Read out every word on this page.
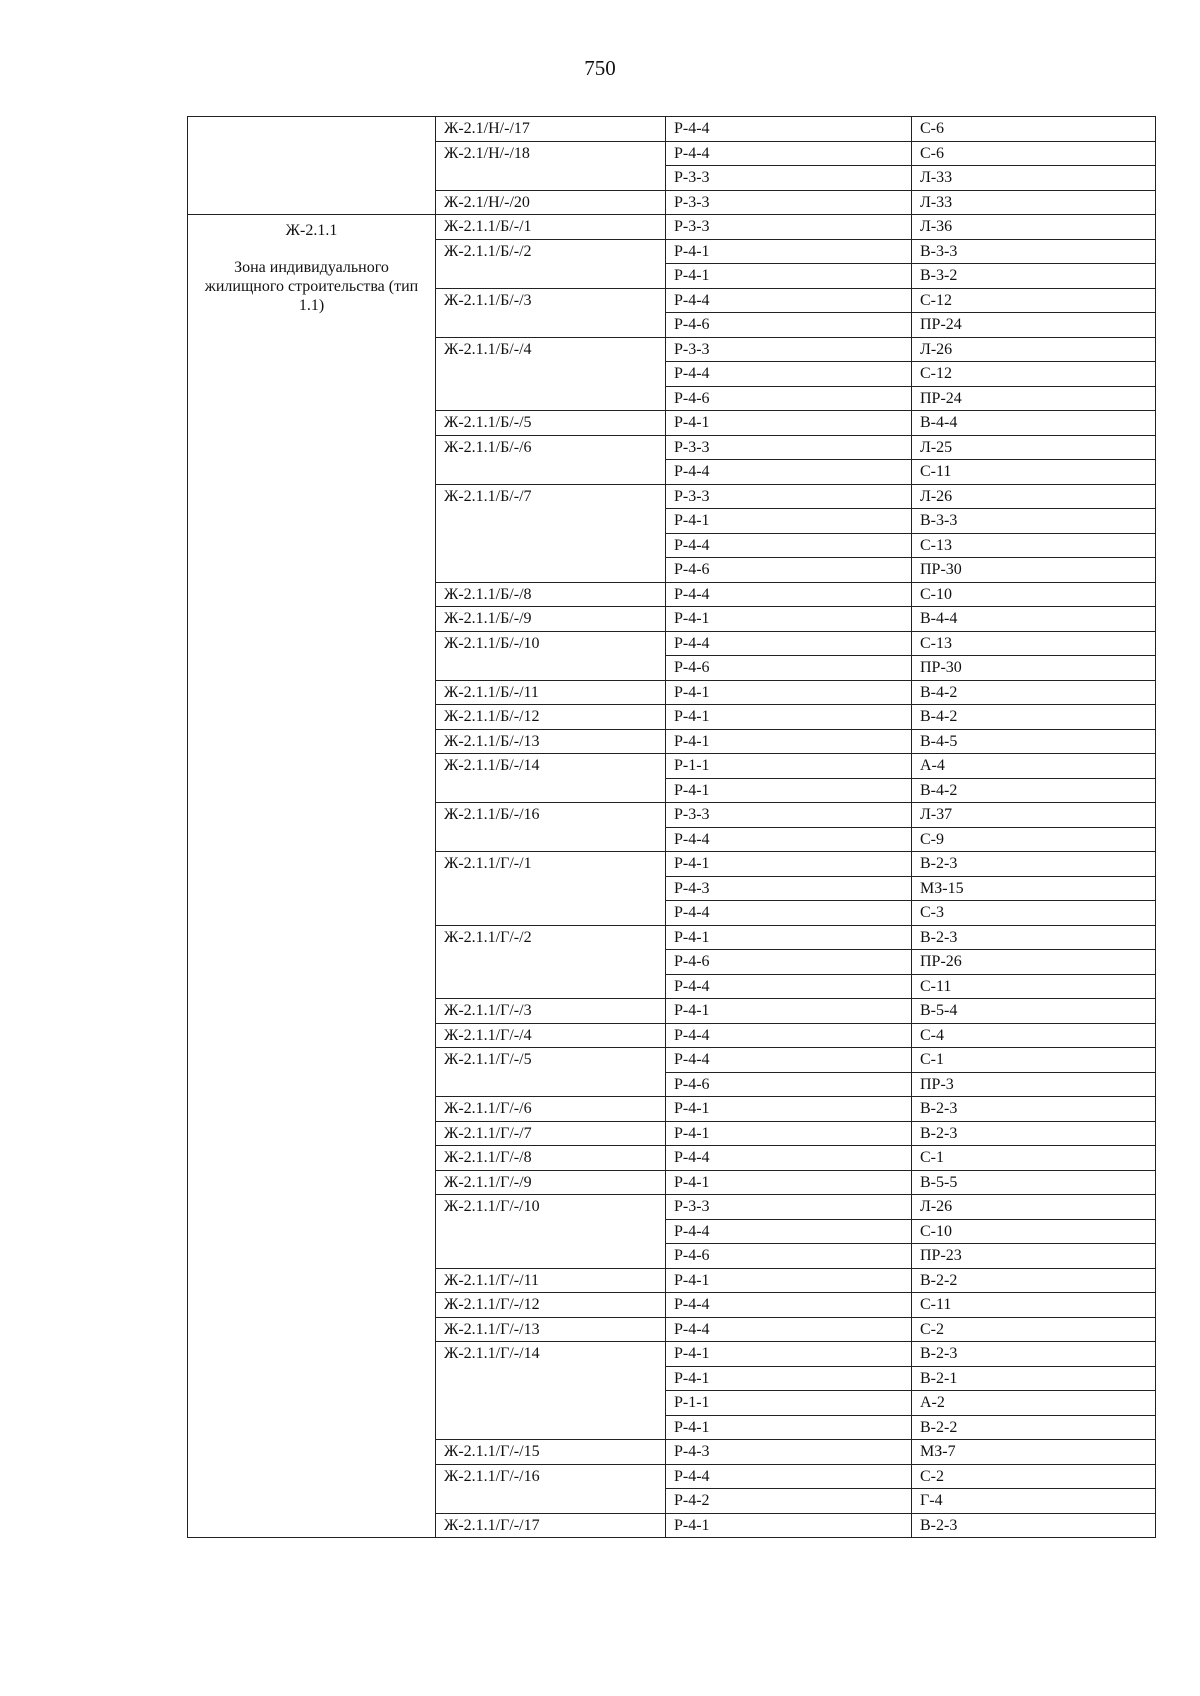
750
	Ж-2.1/Н/-/17	Р-4-4	С-6
	Ж-2.1/Н/-/18	Р-4-4	С-6
		Р-3-3	Л-33
	Ж-2.1/Н/-/20	Р-3-3	Л-33

Ж-2.1.1
Зона индивидуального жилищного строительства (тип 1.1)	Ж-2.1.1/Б/-/1	Р-3-3	Л-36
	Ж-2.1.1/Б/-/2	Р-4-1	В-3-3
		Р-4-1	В-3-2
	Ж-2.1.1/Б/-/3	Р-4-4	С-12
		Р-4-6	ПР-24
	Ж-2.1.1/Б/-/4	Р-3-3	Л-26
		Р-4-4	С-12
		Р-4-6	ПР-24
	Ж-2.1.1/Б/-/5	Р-4-1	В-4-4
	Ж-2.1.1/Б/-/6	Р-3-3	Л-25
		Р-4-4	С-11
	Ж-2.1.1/Б/-/7	Р-3-3	Л-26
		Р-4-1	В-3-3
		Р-4-4	С-13
		Р-4-6	ПР-30
	Ж-2.1.1/Б/-/8	Р-4-4	С-10
	Ж-2.1.1/Б/-/9	Р-4-1	В-4-4
	Ж-2.1.1/Б/-/10	Р-4-4	С-13
		Р-4-6	ПР-30
	Ж-2.1.1/Б/-/11	Р-4-1	В-4-2
	Ж-2.1.1/Б/-/12	Р-4-1	В-4-2
	Ж-2.1.1/Б/-/13	Р-4-1	В-4-5
	Ж-2.1.1/Б/-/14	Р-1-1	А-4
		Р-4-1	В-4-2
	Ж-2.1.1/Б/-/16	Р-3-3	Л-37
		Р-4-4	С-9
	Ж-2.1.1/Г/-/1	Р-4-1	В-2-3
		Р-4-3	МЗ-15
		Р-4-4	С-3
	Ж-2.1.1/Г/-/2	Р-4-1	В-2-3
		Р-4-6	ПР-26
		Р-4-4	С-11
	Ж-2.1.1/Г/-/3	Р-4-1	В-5-4
	Ж-2.1.1/Г/-/4	Р-4-4	С-4
	Ж-2.1.1/Г/-/5	Р-4-4	С-1
		Р-4-6	ПР-3
	Ж-2.1.1/Г/-/6	Р-4-1	В-2-3
	Ж-2.1.1/Г/-/7	Р-4-1	В-2-3
	Ж-2.1.1/Г/-/8	Р-4-4	С-1
	Ж-2.1.1/Г/-/9	Р-4-1	В-5-5
	Ж-2.1.1/Г/-/10	Р-3-3	Л-26
		Р-4-4	С-10
		Р-4-6	ПР-23
	Ж-2.1.1/Г/-/11	Р-4-1	В-2-2
	Ж-2.1.1/Г/-/12	Р-4-4	С-11
	Ж-2.1.1/Г/-/13	Р-4-4	С-2
	Ж-2.1.1/Г/-/14	Р-4-1	В-2-3
		Р-4-1	В-2-1
		Р-1-1	А-2
		Р-4-1	В-2-2
	Ж-2.1.1/Г/-/15	Р-4-3	МЗ-7
	Ж-2.1.1/Г/-/16	Р-4-4	С-2
		Р-4-2	Г-4
	Ж-2.1.1/Г/-/17	Р-4-1	В-2-3
